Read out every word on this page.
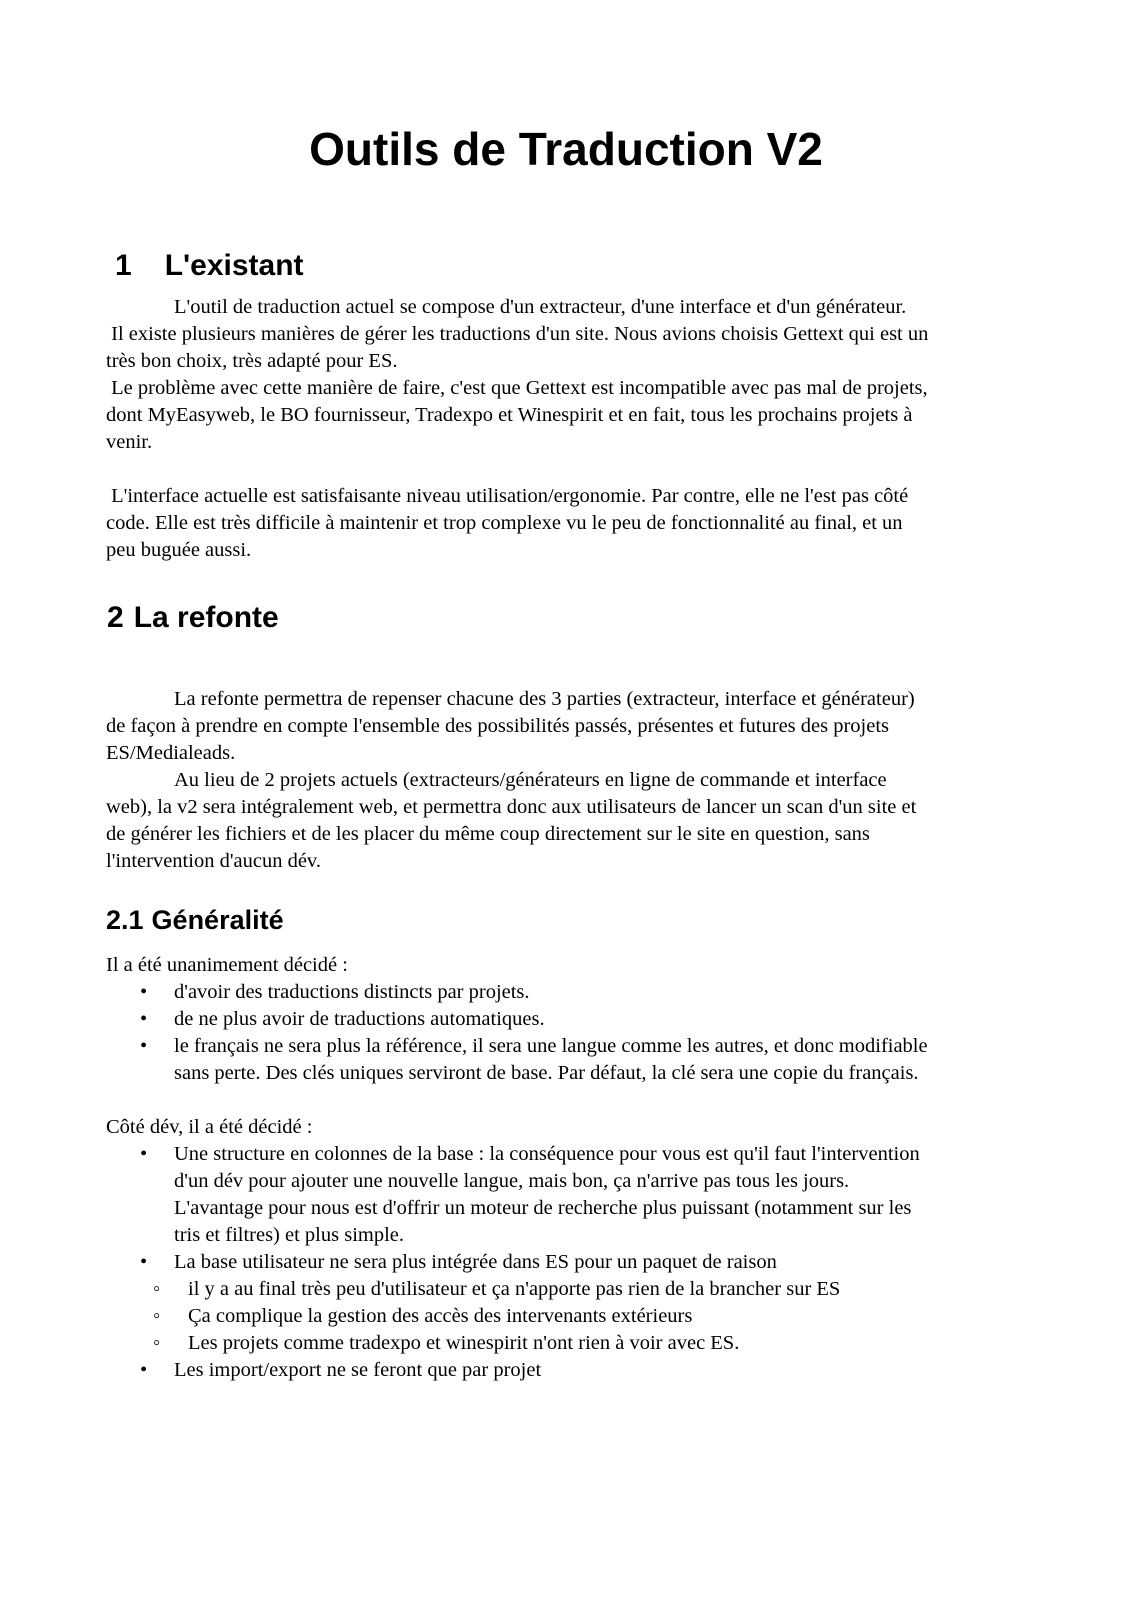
Outils de Traduction V2
1 L'existant
L'outil de traduction actuel se compose d'un extracteur, d'une interface et d'un générateur.
Il existe plusieurs manières de gérer les traductions d'un site. Nous avions choisis Gettext qui est un
très bon choix, très adapté pour ES.
Le problème avec cette manière de faire, c'est que Gettext est incompatible avec pas mal de projets,
dont MyEasyweb, le BO fournisseur, Tradexpo et Winespirit et en fait, tous les prochains projets à
venir.
L'interface actuelle est satisfaisante niveau utilisation/ergonomie. Par contre, elle ne l'est pas côté
code. Elle est très difficile à maintenir et trop complexe vu le peu de fonctionnalité au final, et un
peu buguée aussi.
2 La refonte
La refonte permettra de repenser chacune des 3 parties (extracteur, interface et générateur)
de façon à prendre en compte l'ensemble des possibilités passés, présentes et futures des projets
ES/Medialeads.
Au lieu de 2 projets actuels (extracteurs/générateurs en ligne de commande et interface
web), la v2 sera intégralement web, et permettra donc aux utilisateurs de lancer un scan d'un site et
de générer les fichiers et de les placer du même coup directement sur le site en question, sans
l'intervention d'aucun dév.
2.1 Généralité
Il a été unanimement décidé :
• d'avoir des traductions distincts par projets.
• de ne plus avoir de traductions automatiques.
• le français ne sera plus la référence, il sera une langue comme les autres, et donc modifiable
sans perte. Des clés uniques serviront de base. Par défaut, la clé sera une copie du français.
Côté dév, il a été décidé :
• Une structure en colonnes de la base : la conséquence pour vous est qu'il faut l'intervention
d'un dév pour ajouter une nouvelle langue, mais bon, ça n'arrive pas tous les jours.
L'avantage pour nous est d'offrir un moteur de recherche plus puissant (notamment sur les
tris et filtres) et plus simple.
• La base utilisateur ne sera plus intégrée dans ES pour un paquet de raison
◦ il y a au final très peu d'utilisateur et ça n'apporte pas rien de la brancher sur ES
◦ Ça complique la gestion des accès des intervenants extérieurs
◦ Les projets comme tradexpo et winespirit n'ont rien à voir avec ES.
• Les import/export ne se feront que par projet
